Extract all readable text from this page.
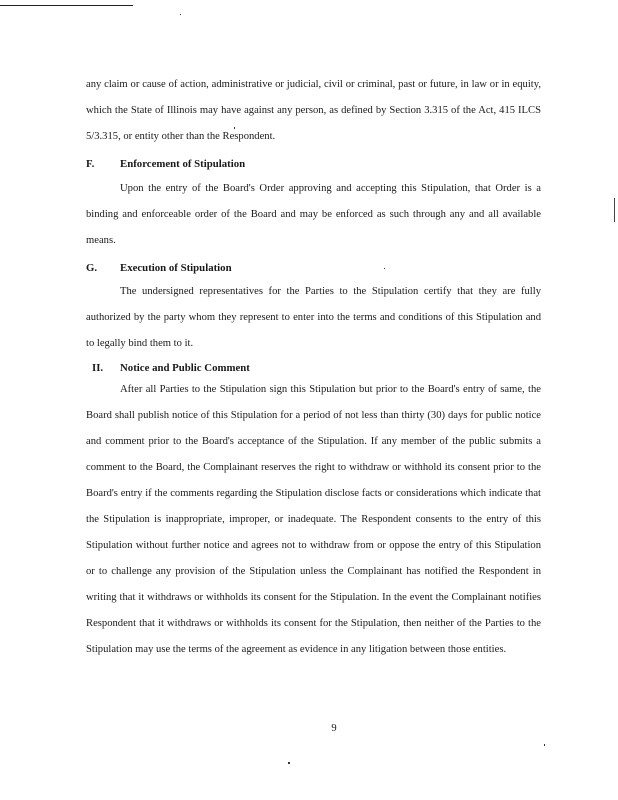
any claim or cause of action, administrative or judicial, civil or criminal, past or future, in law or in equity, which the State of Illinois may have against any person, as defined by Section 3.315 of the Act, 415 ILCS 5/3.315, or entity other than the Respondent.

F. Enforcement of Stipulation

Upon the entry of the Board's Order approving and accepting this Stipulation, that Order is a binding and enforceable order of the Board and may be enforced as such through any and all available means.

G. Execution of Stipulation

The undersigned representatives for the Parties to the Stipulation certify that they are fully authorized by the party whom they represent to enter into the terms and conditions of this Stipulation and to legally bind them to it.

II. Notice and Public Comment

After all Parties to the Stipulation sign this Stipulation but prior to the Board's entry of same, the Board shall publish notice of this Stipulation for a period of not less than thirty (30) days for public notice and comment prior to the Board's acceptance of the Stipulation. If any member of the public submits a comment to the Board, the Complainant reserves the right to withdraw or withhold its consent prior to the Board's entry if the comments regarding the Stipulation disclose facts or considerations which indicate that the Stipulation is inappropriate, improper, or inadequate. The Respondent consents to the entry of this Stipulation without further notice and agrees not to withdraw from or oppose the entry of this Stipulation or to challenge any provision of the Stipulation unless the Complainant has notified the Respondent in writing that it withdraws or withholds its consent for the Stipulation. In the event the Complainant notifies Respondent that it withdraws or withholds its consent for the Stipulation, then neither of the Parties to the Stipulation may use the terms of the agreement as evidence in any litigation between those entities.

9
